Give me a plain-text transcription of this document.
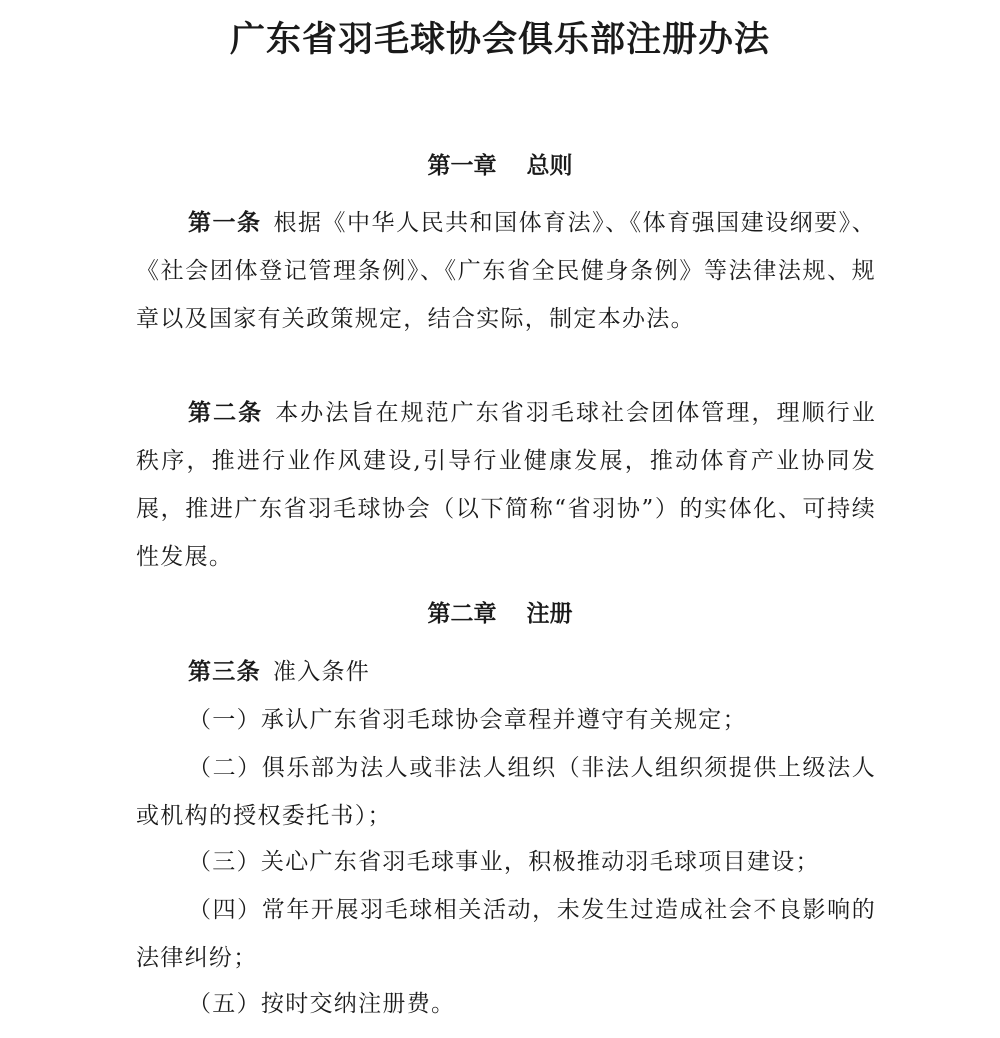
广东省羽毛球协会俱乐部注册办法
第一章 总则
第一条 根据《中华人民共和国体育法》、《体育强国建设纲要》、《社会团体登记管理条例》、《广东省全民健身条例》等法律法规、规章以及国家有关政策规定，结合实际，制定本办法。
第二条 本办法旨在规范广东省羽毛球社会团体管理，理顺行业秩序，推进行业作风建设,引导行业健康发展，推动体育产业协同发展，推进广东省羽毛球协会（以下简称“省羽协”）的实体化、可持续性发展。
第二章 注册
第三条 准入条件
（一）承认广东省羽毛球协会章程并遵守有关规定；
（二）俱乐部为法人或非法人组织（非法人组织须提供上级法人或机构的授权委托书）；
（三）关心广东省羽毛球事业，积极推动羽毛球项目建设；
（四）常年开展羽毛球相关活动，未发生过造成社会不良影响的法律纠纷；
（五）按时交纳注册费。
